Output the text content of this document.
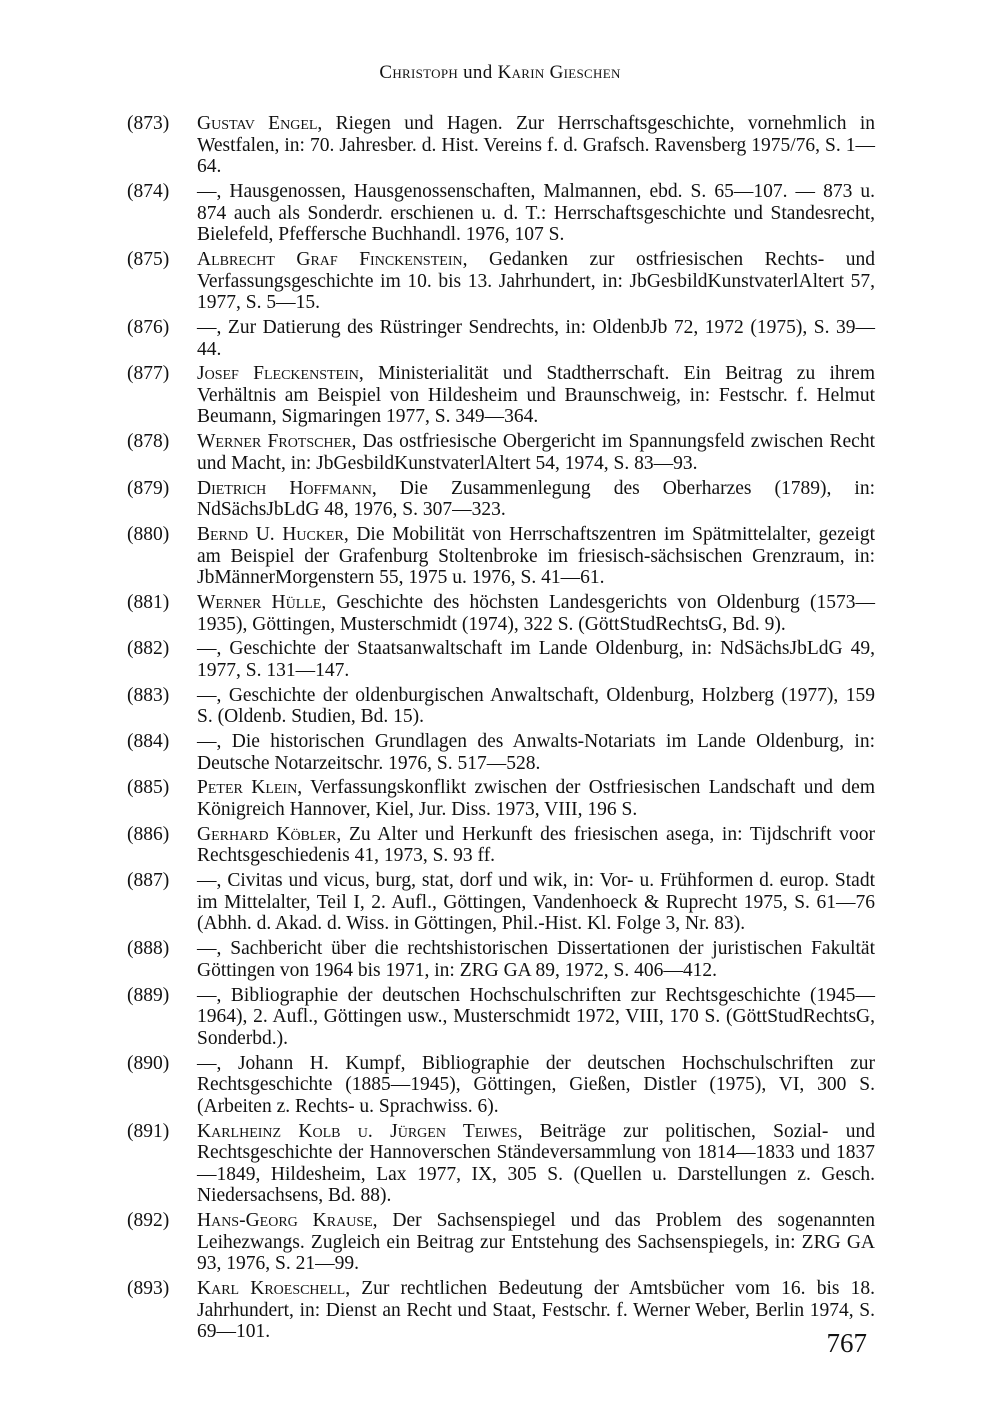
Christoph und Karin Gieschen
(873) Gustav Engel, Riegen und Hagen. Zur Herrschaftsgeschichte, vornehmlich in Westfalen, in: 70. Jahresber. d. Hist. Vereins f. d. Grafsch. Ravensberg 1975/76, S. 1—64.
(874) —, Hausgenossen, Hausgenossenschaften, Malmannen, ebd. S. 65—107. — 873 u. 874 auch als Sonderdr. erschienen u. d. T.: Herrschaftsgeschichte und Standesrecht, Bielefeld, Pfeffersche Buchhandl. 1976, 107 S.
(875) Albrecht Graf Finckenstein, Gedanken zur ostfriesischen Rechts- und Verfassungsgeschichte im 10. bis 13. Jahrhundert, in: JbGesbildKunstvaterlAltert 57, 1977, S. 5—15.
(876) —, Zur Datierung des Rüstringer Sendrechts, in: OldenbJb 72, 1972 (1975), S. 39—44.
(877) Josef Fleckenstein, Ministerialität und Stadtherrschaft. Ein Beitrag zu ihrem Verhältnis am Beispiel von Hildesheim und Braunschweig, in: Festschr. f. Helmut Beumann, Sigmaringen 1977, S. 349—364.
(878) Werner Frotscher, Das ostfriesische Obergericht im Spannungsfeld zwischen Recht und Macht, in: JbGesbildKunstvaterlAltert 54, 1974, S. 83—93.
(879) Dietrich Hoffmann, Die Zusammenlegung des Oberharzes (1789), in: NdSächsJbLdG 48, 1976, S. 307—323.
(880) Bernd U. Hucker, Die Mobilität von Herrschaftszentren im Spätmittelalter, gezeigt am Beispiel der Grafenburg Stoltenbroke im friesisch-sächsischen Grenzraum, in: JbMännerMorgenstern 55, 1975 u. 1976, S. 41—61.
(881) Werner Hülle, Geschichte des höchsten Landesgerichts von Oldenburg (1573—1935), Göttingen, Musterschmidt (1974), 322 S. (GöttStudRechtsG, Bd. 9).
(882) —, Geschichte der Staatsanwaltschaft im Lande Oldenburg, in: NdSächsJbLdG 49, 1977, S. 131—147.
(883) —, Geschichte der oldenburgischen Anwaltschaft, Oldenburg, Holzberg (1977), 159 S. (Oldenb. Studien, Bd. 15).
(884) —, Die historischen Grundlagen des Anwalts-Notariats im Lande Oldenburg, in: Deutsche Notarzeitschr. 1976, S. 517—528.
(885) Peter Klein, Verfassungskonflikt zwischen der Ostfriesischen Landschaft und dem Königreich Hannover, Kiel, Jur. Diss. 1973, VIII, 196 S.
(886) Gerhard Köbler, Zu Alter und Herkunft des friesischen asega, in: Tijdschrift voor Rechtsgeschiedenis 41, 1973, S. 93 ff.
(887) —, Civitas und vicus, burg, stat, dorf und wik, in: Vor- u. Frühformen d. europ. Stadt im Mittelalter, Teil I, 2. Aufl., Göttingen, Vandenhoeck & Ruprecht 1975, S. 61—76 (Abhh. d. Akad. d. Wiss. in Göttingen, Phil.-Hist. Kl. Folge 3, Nr. 83).
(888) —, Sachbericht über die rechtshistorischen Dissertationen der juristischen Fakultät Göttingen von 1964 bis 1971, in: ZRG GA 89, 1972, S. 406—412.
(889) —, Bibliographie der deutschen Hochschulschriften zur Rechtsgeschichte (1945—1964), 2. Aufl., Göttingen usw., Musterschmidt 1972, VIII, 170 S. (GöttStudRechtsG, Sonderbd.).
(890) —, Johann H. Kumpf, Bibliographie der deutschen Hochschulschriften zur Rechtsgeschichte (1885—1945), Göttingen, Gießen, Distler (1975), VI, 300 S. (Arbeiten z. Rechts- u. Sprachwiss. 6).
(891) Karlheinz Kolb u. Jürgen Teiwes, Beiträge zur politischen, Sozial- und Rechtsgeschichte der Hannoverschen Ständeversammlung von 1814—1833 und 1837—1849, Hildesheim, Lax 1977, IX, 305 S. (Quellen u. Darstellungen z. Gesch. Niedersachsens, Bd. 88).
(892) Hans-Georg Krause, Der Sachsenspiegel und das Problem des sogenannten Leihezwangs. Zugleich ein Beitrag zur Entstehung des Sachsenspiegels, in: ZRG GA 93, 1976, S. 21—99.
(893) Karl Kroeschell, Zur rechtlichen Bedeutung der Amtsbücher vom 16. bis 18. Jahrhundert, in: Dienst an Recht und Staat, Festschr. f. Werner Weber, Berlin 1974, S. 69—101.	767
